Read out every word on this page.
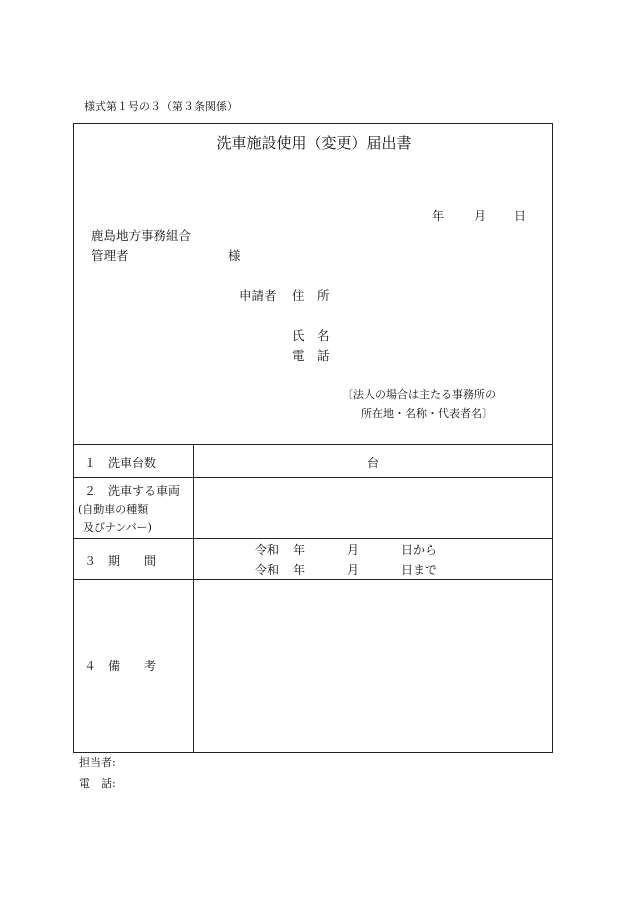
様式第１号の３（第３条関係）
洗車施設使用（変更）届出書
年 月 日
鹿島地方事務組合
管理者	様
申請者 住　所
氏　名
電　話
〔法人の場合は主たる事務所の
所在地・名称・代表者名〕
１　洗車台数	台
２　洗車する車両
(自動車の種類
及びナンバー)
３　期　　間
令和 年	月	日から
令和 年	月	日まで
４　備　　考
担当者:
電　話:
